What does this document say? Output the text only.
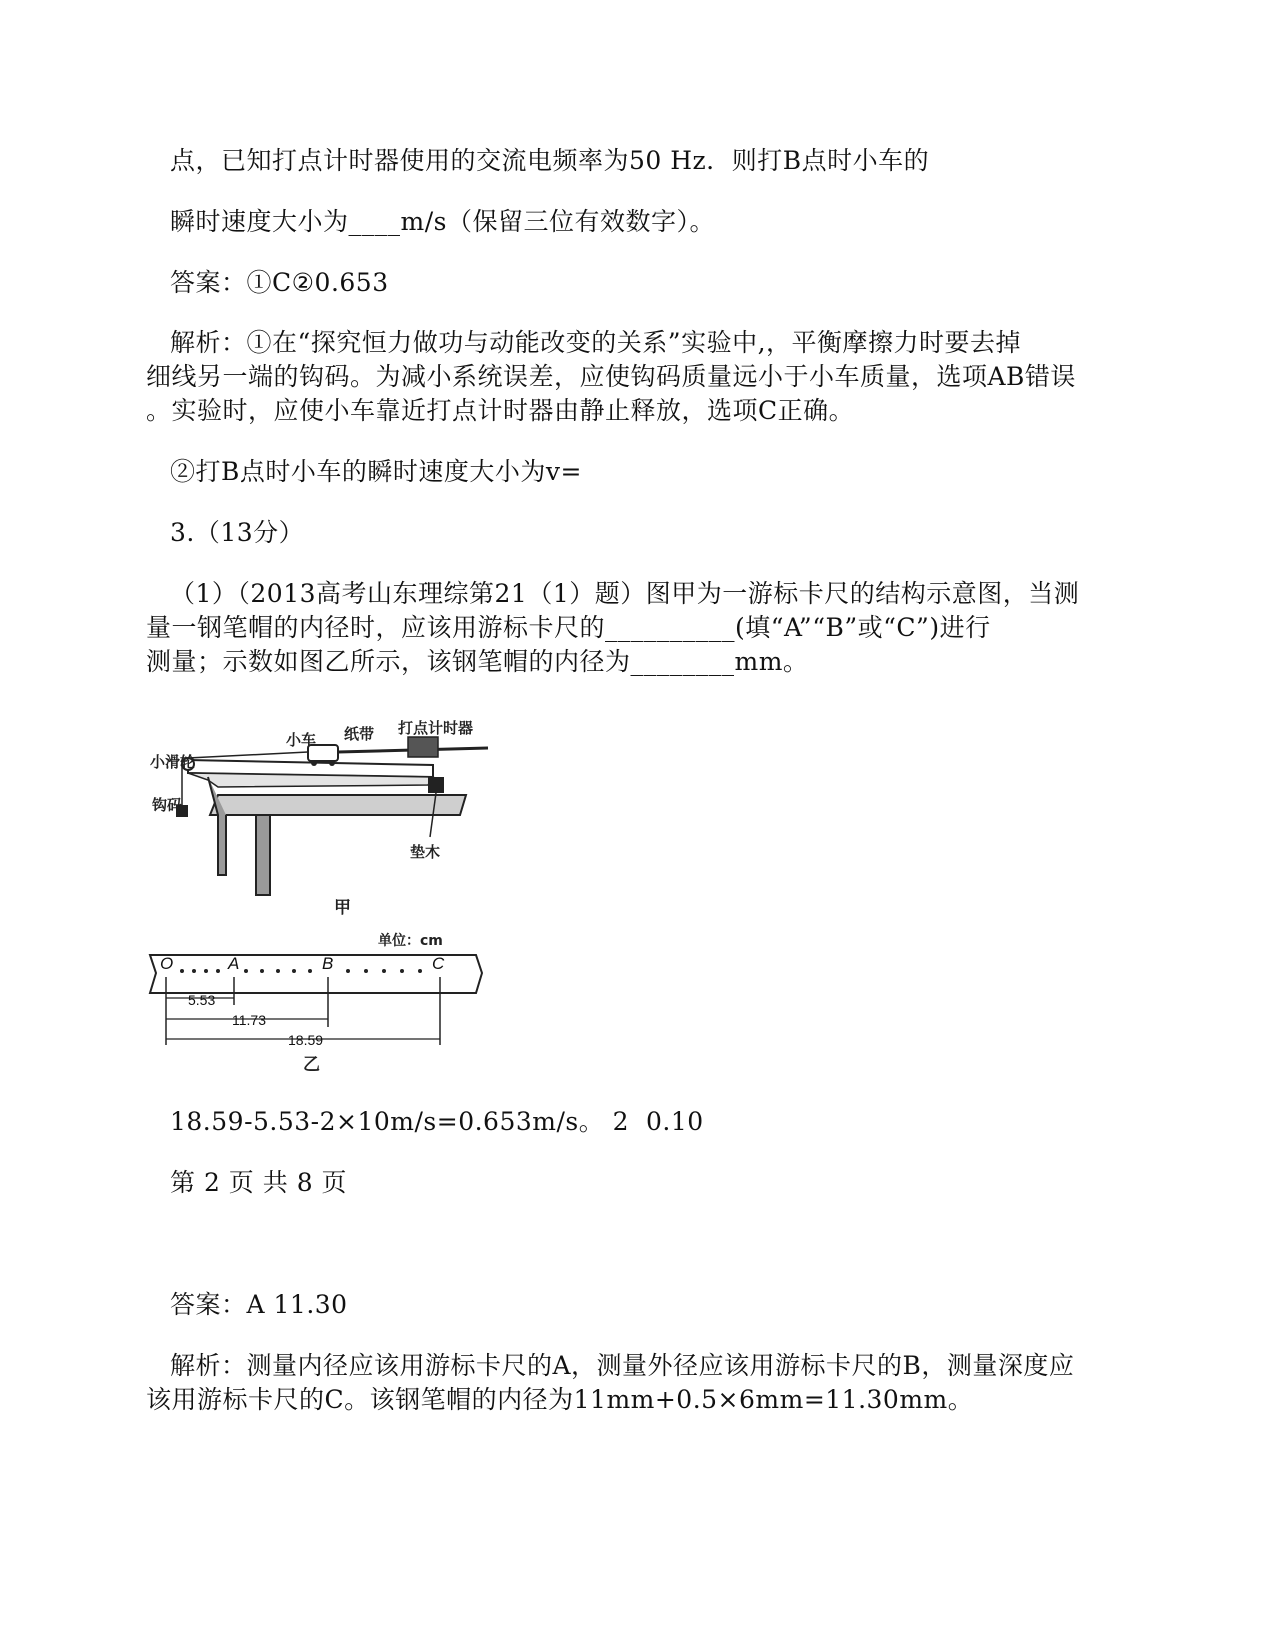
点，已知打点计时器使用的交流电频率为50 Hz．则打B点时小车的
瞬时速度大小为____m/s（保留三位有效数字）。
答案：①C②0.653
解析：①在“探究恒力做功与动能改变的关系”实验中,，平衡摩擦力时要去掉
细线另一端的钩码。为减小系统误差，应使钩码质量远小于小车质量，选项AB错误
。实验时，应使小车靠近打点计时器由静止释放，选项C正确。
②打B点时小车的瞬时速度大小为v=
3.（13分）
（1）（2013高考山东理综第21（1）题）图甲为一游标卡尺的结构示意图，当测
量一钢笔帽的内径时，应该用游标卡尺的__________(填“A”“B”或“C”)进行
测量；示数如图乙所示，该钢笔帽的内径为________mm。
小滑轮
钩码
小车 纸带 打点计时器
垫木
甲
单位：cm
O	A	B	C
5.53
11.73
18.59
乙
18.59-5.53-2×10m/s=0.653m/s。 2  0.10
第 2 页 共 8 页
答案：A 11.30
解析：测量内径应该用游标卡尺的A，测量外径应该用游标卡尺的B，测量深度应
该用游标卡尺的C。该钢笔帽的内径为11mm+0.5×6mm=11.30mm。
